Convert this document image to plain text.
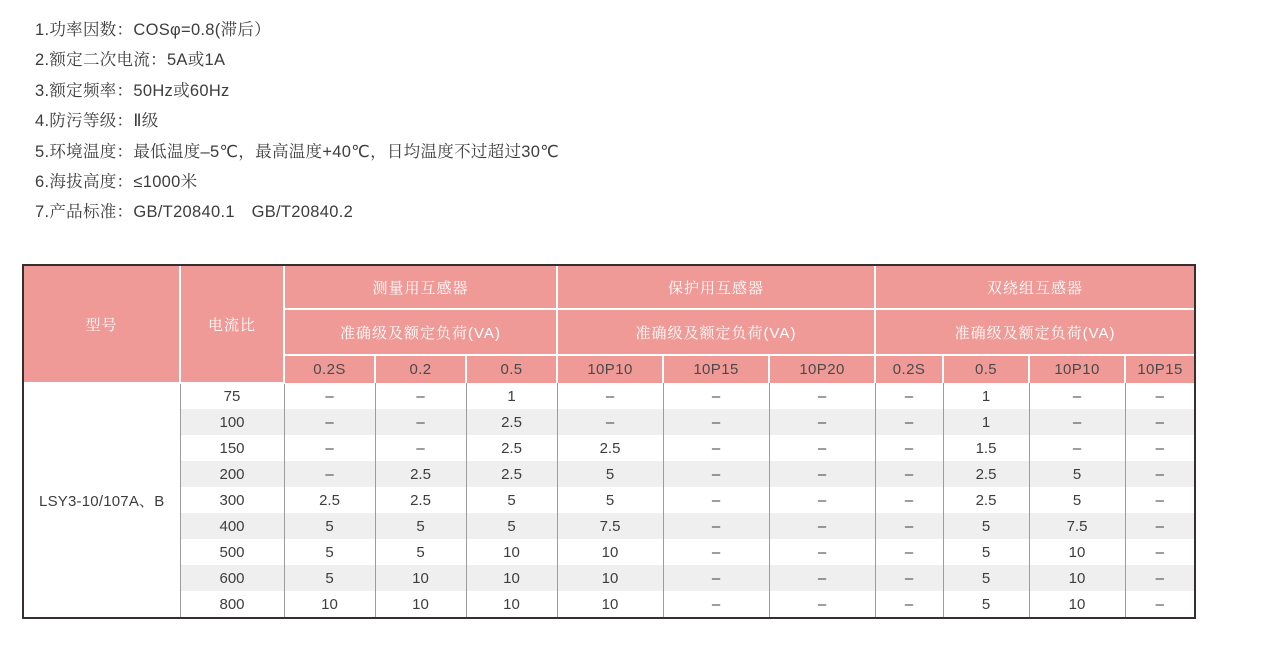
1.功率因数：COSφ=0.8(滞后）
2.额定二次电流：5A或1A
3.额定频率：50Hz或60Hz
4.防污等级：Ⅱ级
5.环境温度：最低温度–5℃，最高温度+40℃，日均温度不过超过30℃
6.海拔高度：≤1000米
7.产品标准：GB/T20840.1　GB/T20840.2
型号	电流比	测量用互感器			保护用互感器			双绕组互感器			
		准确级及额定负荷(VA)			准确级及额定负荷(VA)			准确级及额定负荷(VA)			
		0.2S	0.2	0.5	10P10	10P15	10P20	0.2S	0.5	10P10	10P15
LSY3-10/107A、B	75	–	–	1	–	–	–	–	1	–	–
	100	–	–	2.5	–	–	–	–	1	–	–
	150	–	–	2.5	2.5	–	–	–	1.5	–	–
	200	–	2.5	2.5	5	–	–	–	2.5	5	–
	300	2.5	2.5	5	5	–	–	–	2.5	5	–
	400	5	5	5	7.5	–	–	–	5	7.5	–
	500	5	5	10	10	–	–	–	5	10	–
	600	5	10	10	10	–	–	–	5	10	–
	800	10	10	10	10	–	–	–	5	10	–
